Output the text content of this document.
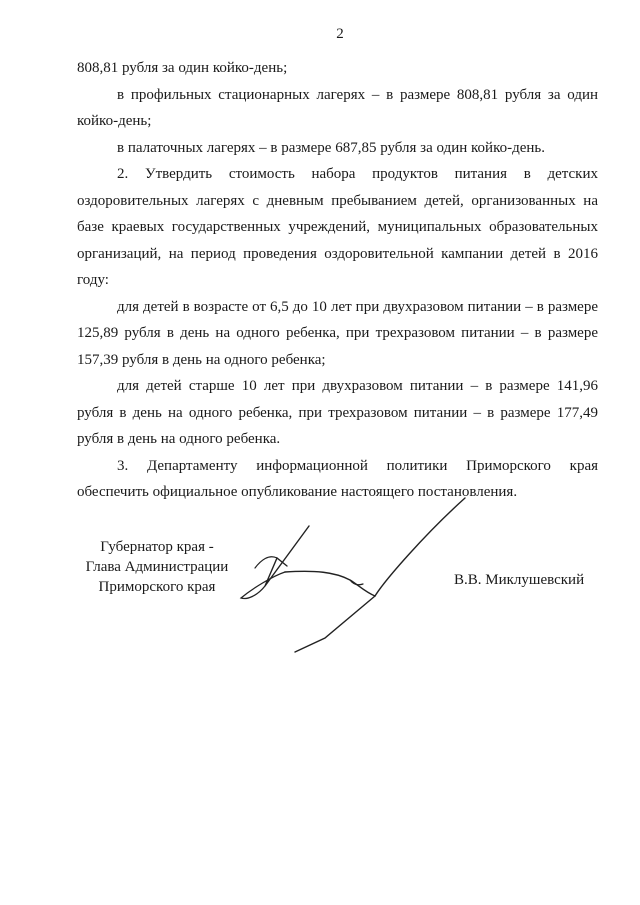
2

808,81 рубля за один койко-день;

в профильных стационарных лагерях – в размере 808,81 рубля за один койко-день;

в палаточных лагерях – в размере 687,85 рубля за один койко-день.

2. Утвердить стоимость набора продуктов питания в детских оздоровительных лагерях с дневным пребыванием детей, организованных на базе краевых государственных учреждений, муниципальных образовательных организаций, на период проведения оздоровительной кампании детей в 2016 году:

для детей в возрасте от 6,5 до 10 лет при двухразовом питании – в размере 125,89 рубля в день на одного ребенка, при трехразовом питании – в размере 157,39 рубля в день на одного ребенка;

для детей старше 10 лет при двухразовом питании – в размере 141,96 рубля в день на одного ребенка, при трехразовом питании – в размере 177,49 рубля в день на одного ребенка.

3. Департаменту информационной политики Приморского края обеспечить официальное опубликование настоящего постановления.

Губернатор края -
Глава Администрации
Приморского края	В.В. Миклушевский
